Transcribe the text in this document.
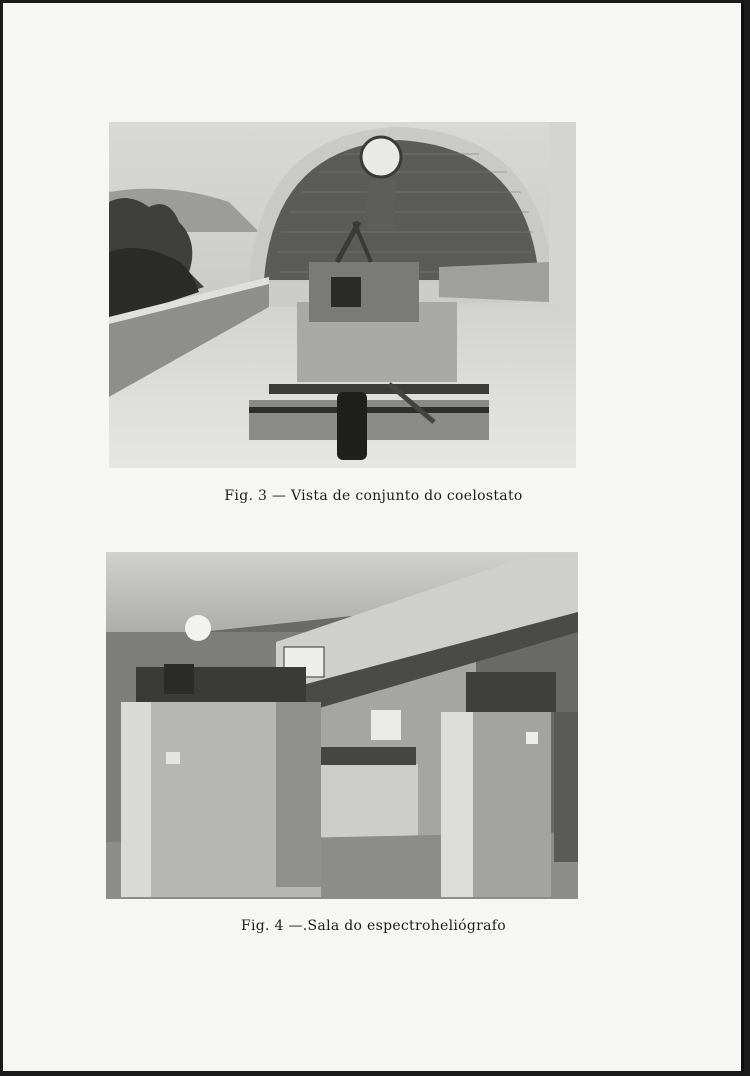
Fig. 3 — Vista de conjunto do coelostato
Fig. 4 —.Sala do espectroheliógrafo
